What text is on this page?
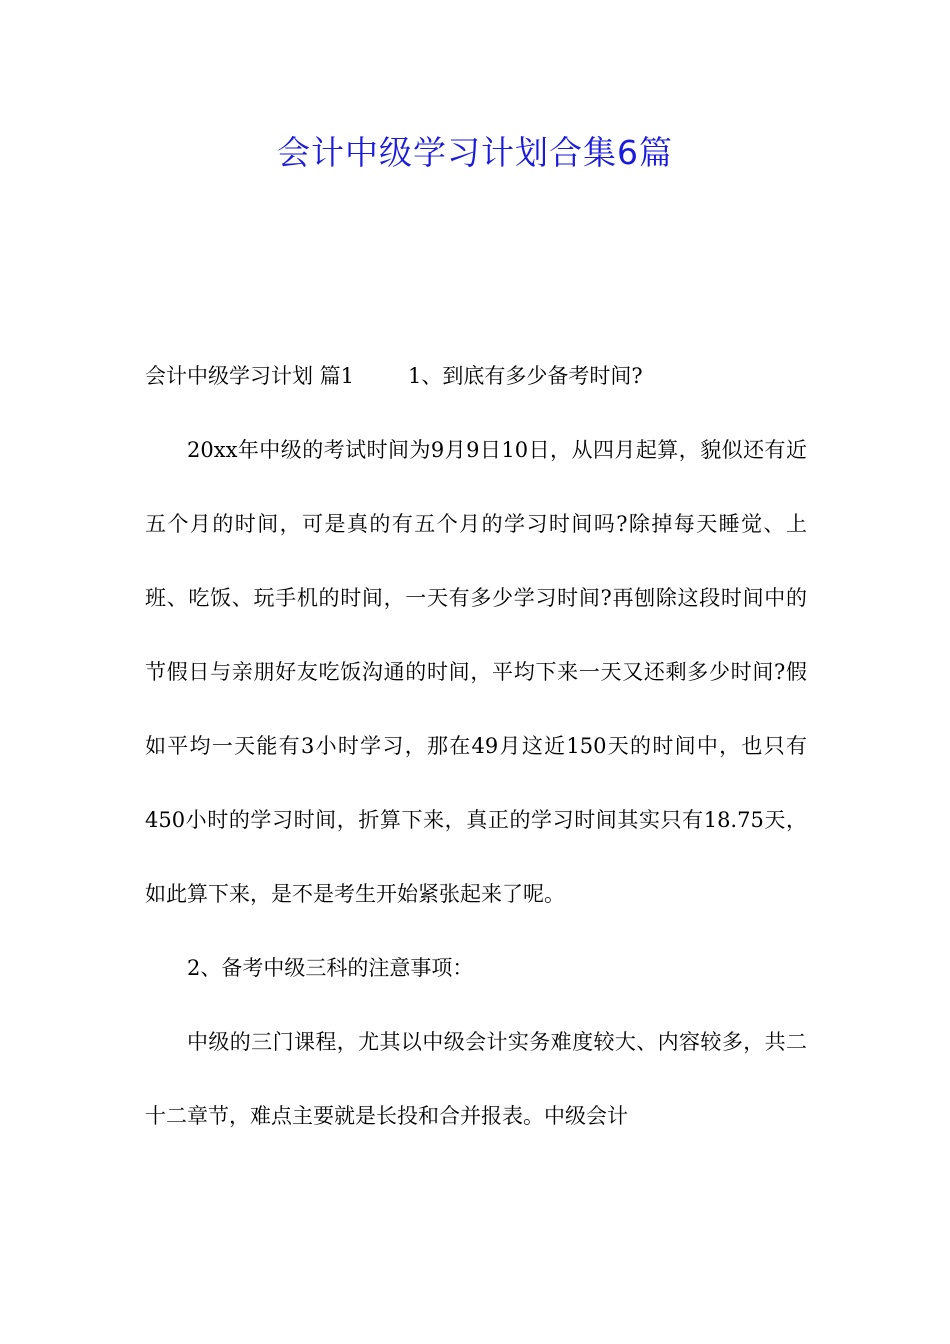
会计中级学习计划合集6篇

会计中级学习计划 篇1	1、到底有多少备考时间?

20xx年中级的考试时间为9月9日10日，从四月起算，貌似还有近五个月的时间，可是真的有五个月的学习时间吗?除掉每天睡觉、上班、吃饭、玩手机的时间，一天有多少学习时间?再刨除这段时间中的节假日与亲朋好友吃饭沟通的时间，平均下来一天又还剩多少时间?假如平均一天能有3小时学习，那在49月这近150天的时间中，也只有450小时的学习时间，折算下来，真正的学习时间其实只有18.75天，如此算下来，是不是考生开始紧张起来了呢。

2、备考中级三科的注意事项：

中级的三门课程，尤其以中级会计实务难度较大、内容较多，共二十二章节，难点主要就是长投和合并报表。中级会计
